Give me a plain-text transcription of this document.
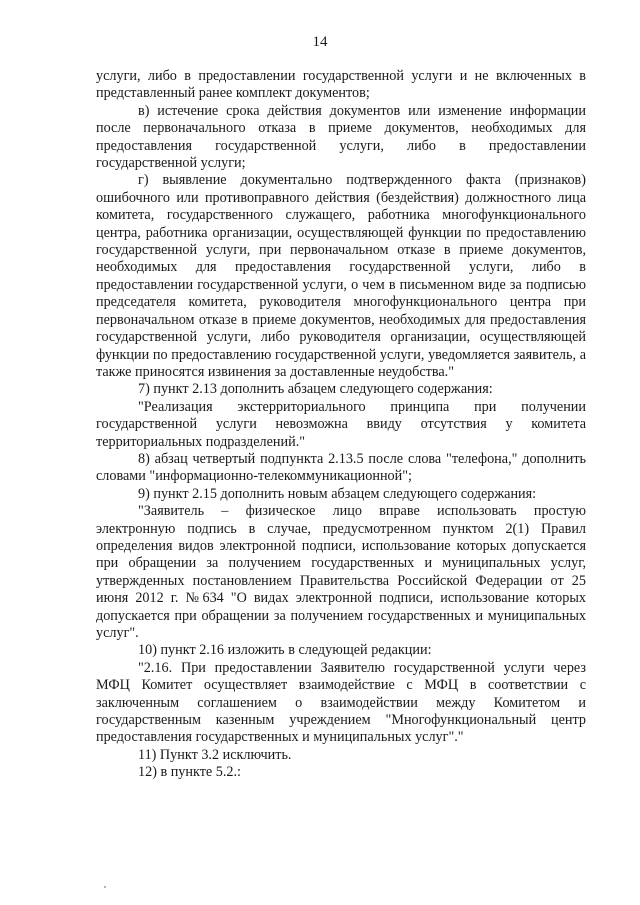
14

услуги, либо в предоставлении государственной услуги и не включенных в представленный ранее комплект документов;

в) истечение срока действия документов или изменение информации после первоначального отказа в приеме документов, необходимых для предоставления государственной услуги, либо в предоставлении государственной услуги;

г) выявление документально подтвержденного факта (признаков) ошибочного или противоправного действия (бездействия) должностного лица комитета, государственного служащего, работника многофункционального центра, работника организации, осуществляющей функции по предоставлению государственной услуги, при первоначальном отказе в приеме документов, необходимых для предоставления государственной услуги, либо в предоставлении государственной услуги, о чем в письменном виде за подписью председателя комитета, руководителя многофункционального центра при первоначальном отказе в приеме документов, необходимых для предоставления государственной услуги, либо руководителя организации, осуществляющей функции по предоставлению государственной услуги, уведомляется заявитель, а также приносятся извинения за доставленные неудобства."

7) пункт 2.13 дополнить абзацем следующего содержания:

"Реализация экстерриториального принципа при получении государственной услуги невозможна ввиду отсутствия у комитета территориальных подразделений."

8) абзац четвертый подпункта 2.13.5 после слова "телефона," дополнить словами "информационно-телекоммуникационной";

9) пункт 2.15 дополнить новым абзацем следующего содержания:

"Заявитель – физическое лицо вправе использовать простую электронную подпись в случае, предусмотренном пунктом 2(1) Правил определения видов электронной подписи, использование которых допускается при обращении за получением государственных и муниципальных услуг, утвержденных постановлением Правительства Российской Федерации от 25 июня 2012 г. №634 "О видах электронной подписи, использование которых допускается при обращении за получением государственных и муниципальных услуг".

10) пункт 2.16 изложить в следующей редакции:

"2.16. При предоставлении Заявителю государственной услуги через МФЦ Комитет осуществляет взаимодействие с МФЦ в соответствии с заключенным соглашением о взаимодействии между Комитетом и государственным казенным учреждением "Многофункциональный центр предоставления государственных и муниципальных услуг"."

11) Пункт 3.2 исключить.

12) в пункте 5.2.:
